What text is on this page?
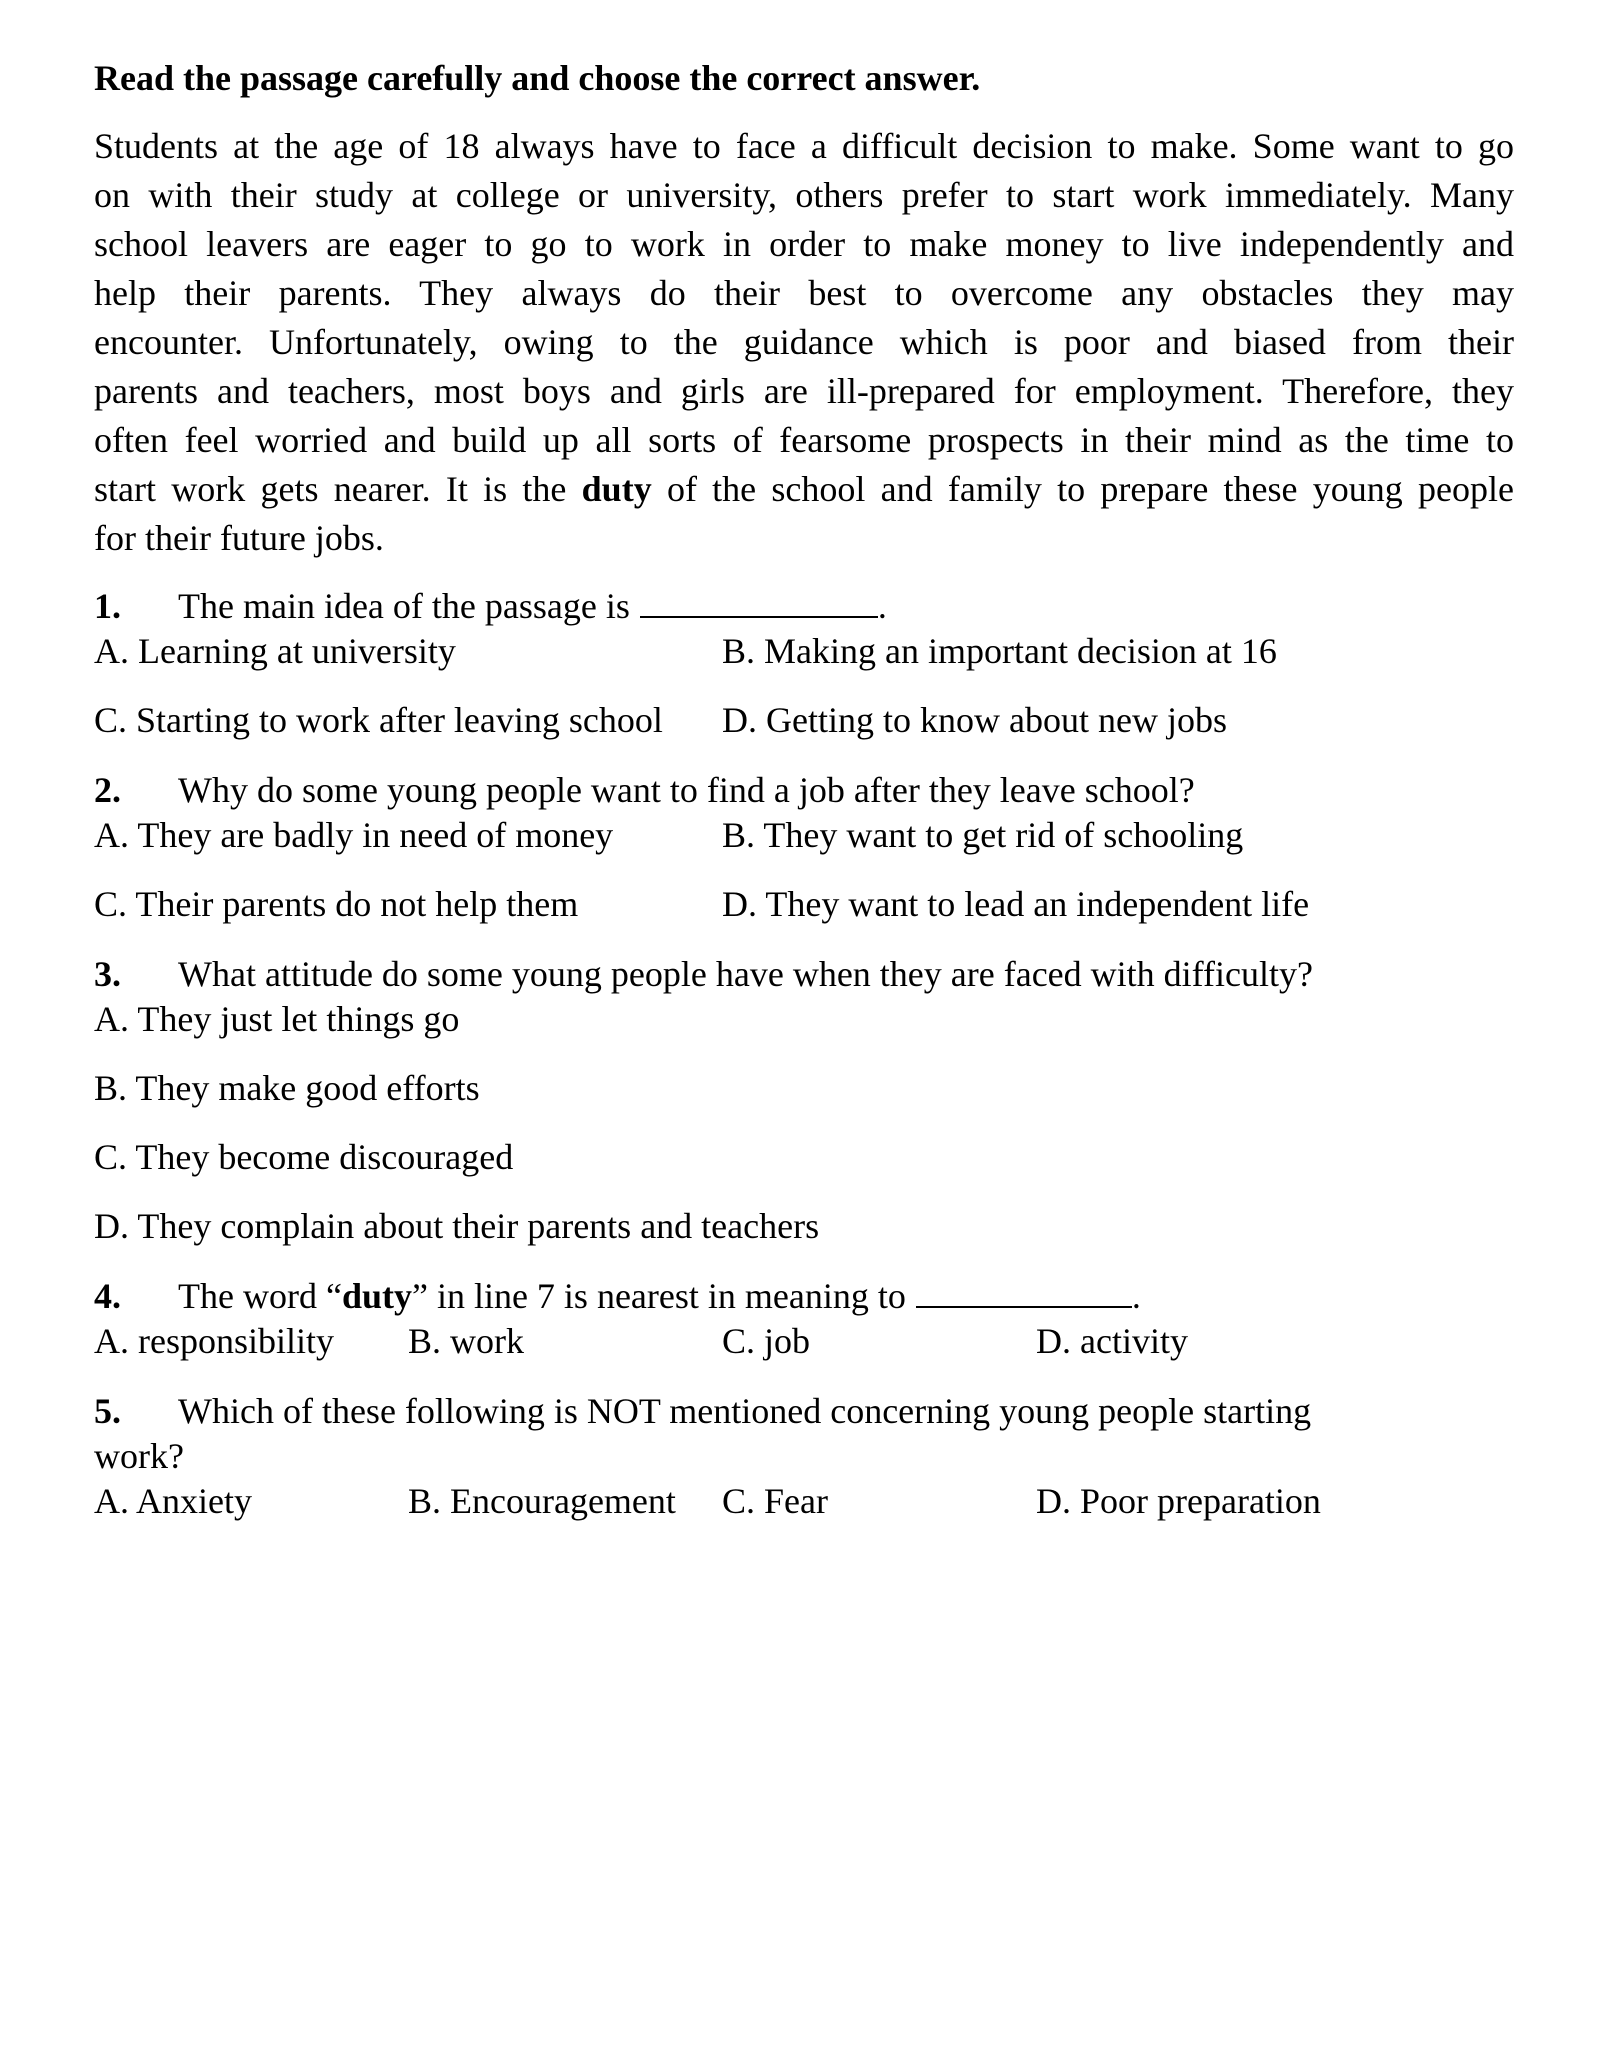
Read the passage carefully and choose the correct answer.
Students at the age of 18 always have to face a difficult decision to make. Some want to go
on with their study at college or university, others prefer to start work immediately. Many
school leavers are eager to go to work in order to make money to live independently and
help their parents. They always do their best to overcome any obstacles they may
encounter. Unfortunately, owing to the guidance which is poor and biased from their
parents and teachers, most boys and girls are ill-prepared for employment. Therefore, they
often feel worried and build up all sorts of fearsome prospects in their mind as the time to
start work gets nearer. It is the duty of the school and family to prepare these young people
for their future jobs.
1. The main idea of the passage is	.
A. Learning at university	B. Making an important decision at 16
C. Starting to work after leaving school D. Getting to know about new jobs
2. Why do some young people want to find a job after they leave school?
A. They are badly in need of money	B. They want to get rid of schooling
C. Their parents do not help them	D. They want to lead an independent life
3. What attitude do some young people have when they are faced with difficulty?
A. They just let things go
B. They make good efforts
C. They become discouraged
D. They complain about their parents and teachers
4. The word “duty” in line 7 is nearest in meaning to	.
A. responsibility B. work	C. job	D. activity
5. Which of these following is NOT mentioned concerning young people starting
work?
A. Anxiety	B. Encouragement C. Fear	D. Poor preparation
